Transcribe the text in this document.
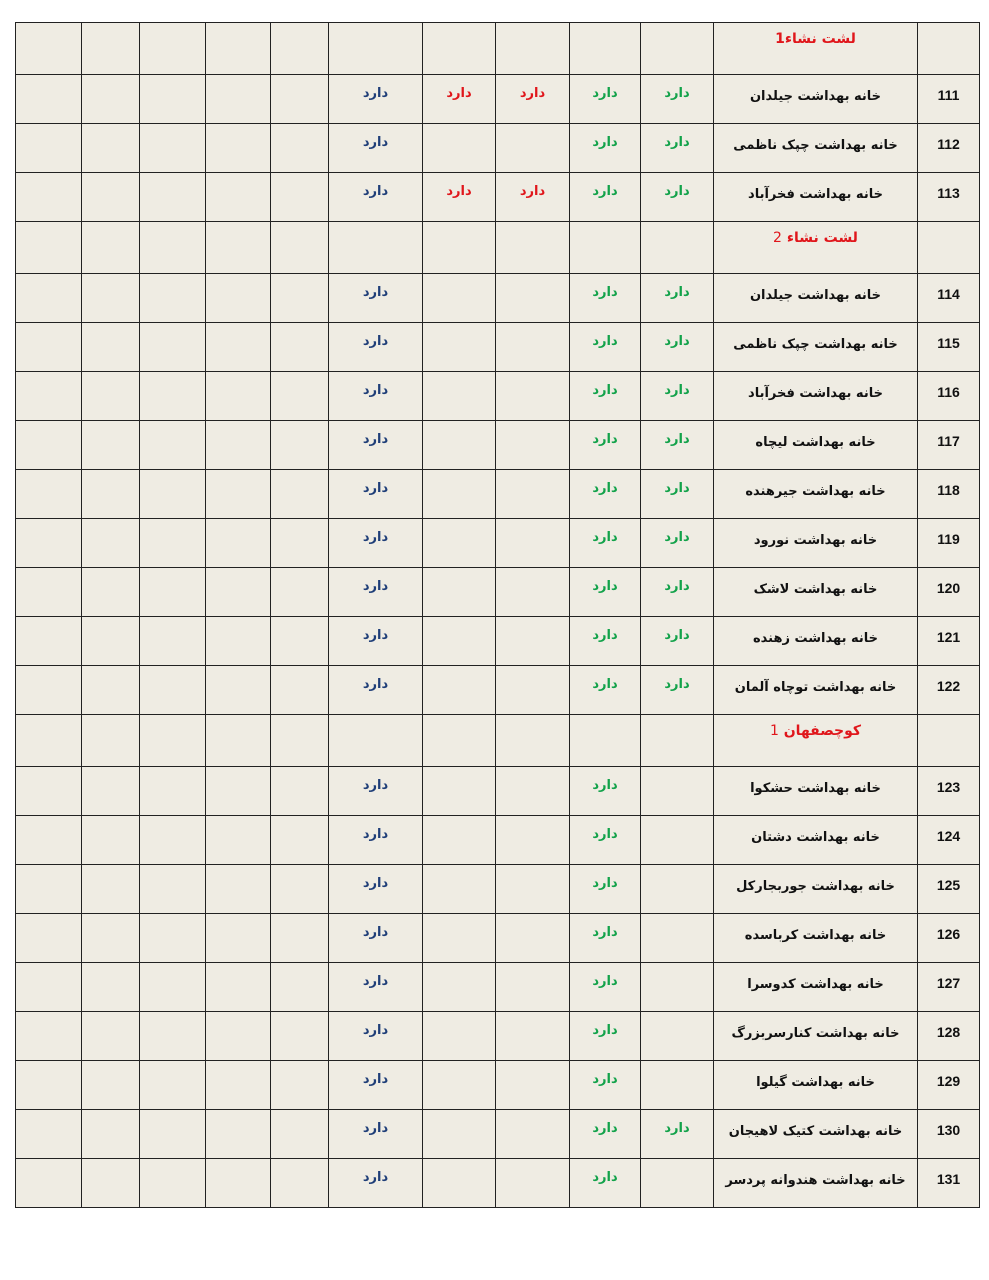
										لشت نشاء1	
					دارد	دارد	دارد	دارد	دارد	خانه بهداشت جیلدان	111
					دارد			دارد	دارد	خانه بهداشت چپک ناظمی	112
					دارد	دارد	دارد	دارد	دارد	خانه بهداشت فخرآباد	113
										لشت نشاء 2	
					دارد			دارد	دارد	خانه بهداشت جیلدان	114
					دارد			دارد	دارد	خانه بهداشت چپک ناظمی	115
					دارد			دارد	دارد	خانه بهداشت فخرآباد	116
					دارد			دارد	دارد	خانه بهداشت لیچاه	117
					دارد			دارد	دارد	خانه بهداشت جیرهنده	118
					دارد			دارد	دارد	خانه بهداشت نورود	119
					دارد			دارد	دارد	خانه بهداشت لاشک	120
					دارد			دارد	دارد	خانه بهداشت زهنده	121
					دارد			دارد	دارد	خانه بهداشت توچاه آلمان	122
										کوچصفهان 1	
					دارد			دارد		خانه بهداشت حشکوا	123
					دارد			دارد		خانه بهداشت دشتان	124
					دارد			دارد		خانه بهداشت جوربجارکل	125
					دارد			دارد		خانه بهداشت کرباسده	126
					دارد			دارد		خانه بهداشت کدوسرا	127
					دارد			دارد		خانه بهداشت کنارسربزرگ	128
					دارد			دارد		خانه بهداشت گیلوا	129
					دارد			دارد	دارد	خانه بهداشت کتیک لاهیجان	130
					دارد			دارد		خانه بهداشت هندوانه پردسر	131
